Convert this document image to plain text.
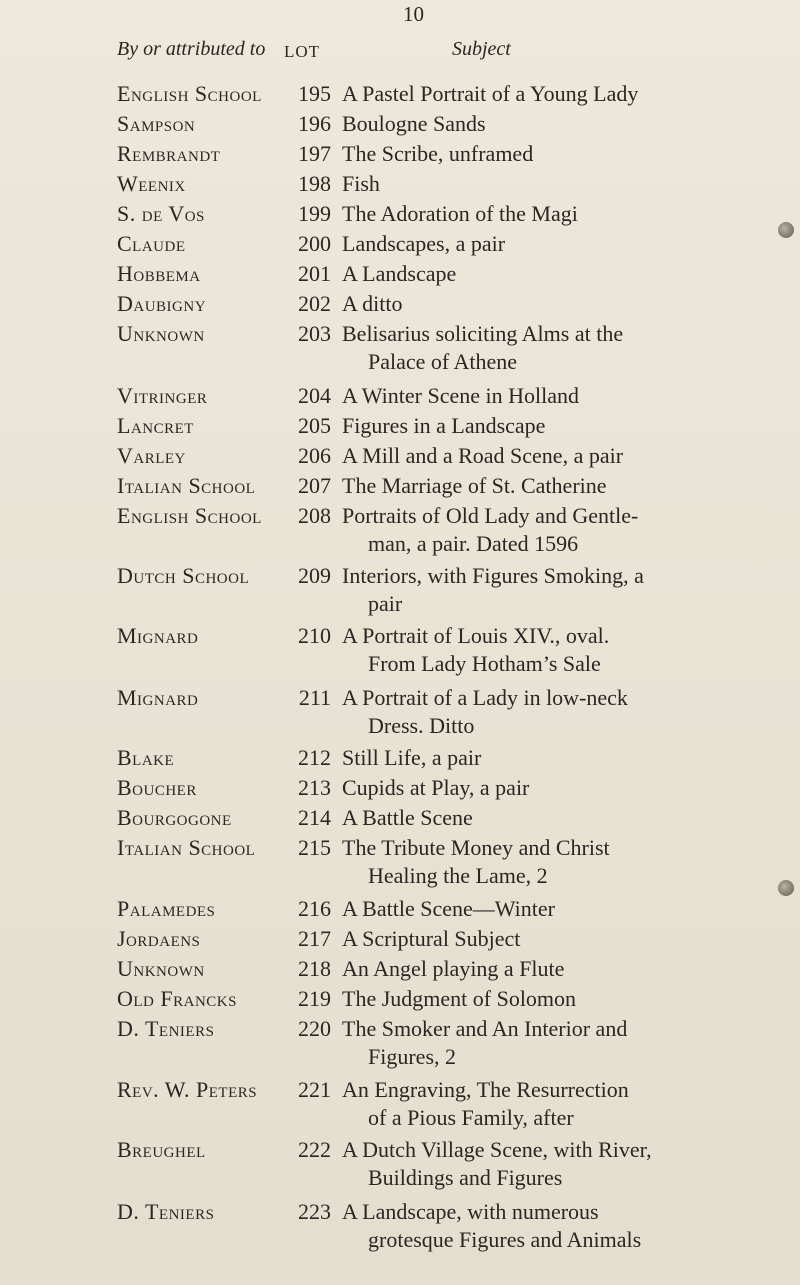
10
By or attributed to LOT	Subject
English School	195 A Pastel Portrait of a Young Lady
Sampson	196 Boulogne Sands
Rembrandt	197 The Scribe, unframed
Weenix	198 Fish
S. de Vos	199 The Adoration of the Magi
Claude	200 Landscapes, a pair
Hobbema	201 A Landscape
Daubigny	202 A ditto
Unknown	203 Belisarius soliciting Alms at the
Palace of Athene
Vitringer	204 A Winter Scene in Holland
Lancret	205 Figures in a Landscape
Varley	206 A Mill and a Road Scene, a pair
Italian School	207 The Marriage of St. Catherine
English School	208 Portraits of Old Lady and Gentle-
man, a pair. Dated 1596
Dutch School	209 Interiors, with Figures Smoking, a
pair
Mignard	210 A Portrait of Louis XIV., oval.
From Lady Hotham’s Sale
Mignard	211 A Portrait of a Lady in low-neck
Dress. Ditto
Blake	212 Still Life, a pair
Boucher	213 Cupids at Play, a pair
Bourgogone	214 A Battle Scene
Italian School	215 The Tribute Money and Christ
Healing the Lame, 2
Palamedes	216 A Battle Scene—Winter
Jordaens	217 A Scriptural Subject
Unknown	218 An Angel playing a Flute
Old Francks	219 The Judgment of Solomon
D. Teniers	220 The Smoker and An Interior and
Figures, 2
Rev. W. Peters	221 An Engraving, The Resurrection
of a Pious Family, after
Breughel	222 A Dutch Village Scene, with River,
Buildings and Figures
D. Teniers	223 A Landscape, with numerous
grotesque Figures and Animals
